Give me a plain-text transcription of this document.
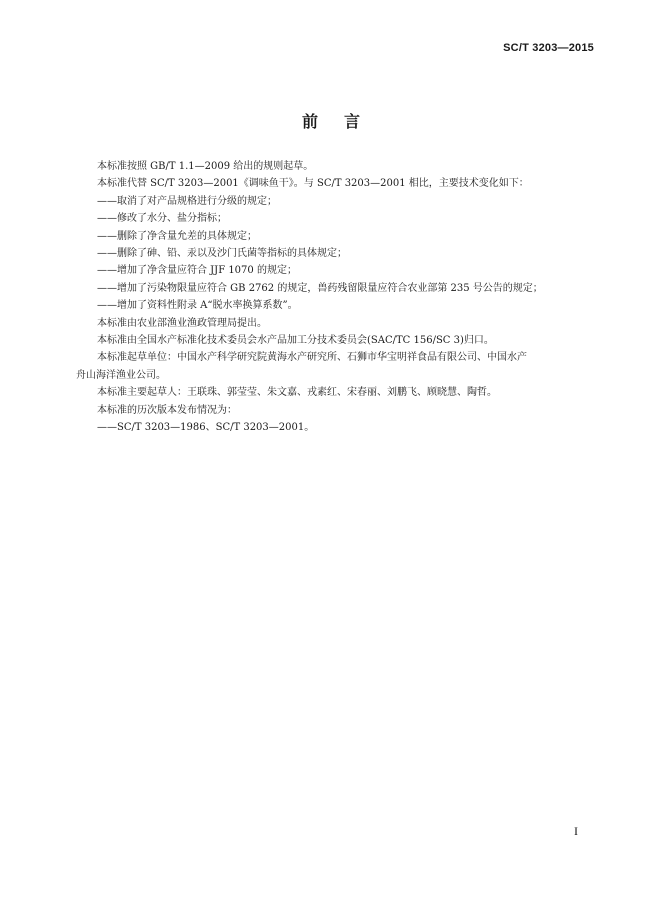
SC/T 3203—2015
前言
本标准按照 GB/T 1.1—2009 给出的规则起草。
本标准代替 SC/T 3203—2001《调味鱼干》。与 SC/T 3203—2001 相比，主要技术变化如下：
——取消了对产品规格进行分级的规定；
——修改了水分、盐分指标；
——删除了净含量允差的具体规定；
——删除了砷、铅、汞以及沙门氏菌等指标的具体规定；
——增加了净含量应符合 JJF 1070 的规定；
——增加了污染物限量应符合 GB 2762 的规定，兽药残留限量应符合农业部第 235 号公告的规定；
——增加了资料性附录 A“脱水率换算系数”。
本标准由农业部渔业渔政管理局提出。
本标准由全国水产标准化技术委员会水产品加工分技术委员会(SAC/TC 156/SC 3)归口。
本标准起草单位：中国水产科学研究院黄海水产研究所、石狮市华宝明祥食品有限公司、中国水产
舟山海洋渔业公司。
本标准主要起草人：王联珠、郭莹莹、朱文嘉、戎素红、宋春丽、刘鹏飞、顾晓慧、陶哲。
本标准的历次版本发布情况为：
——SC/T 3203—1986、SC/T 3203—2001。
I
